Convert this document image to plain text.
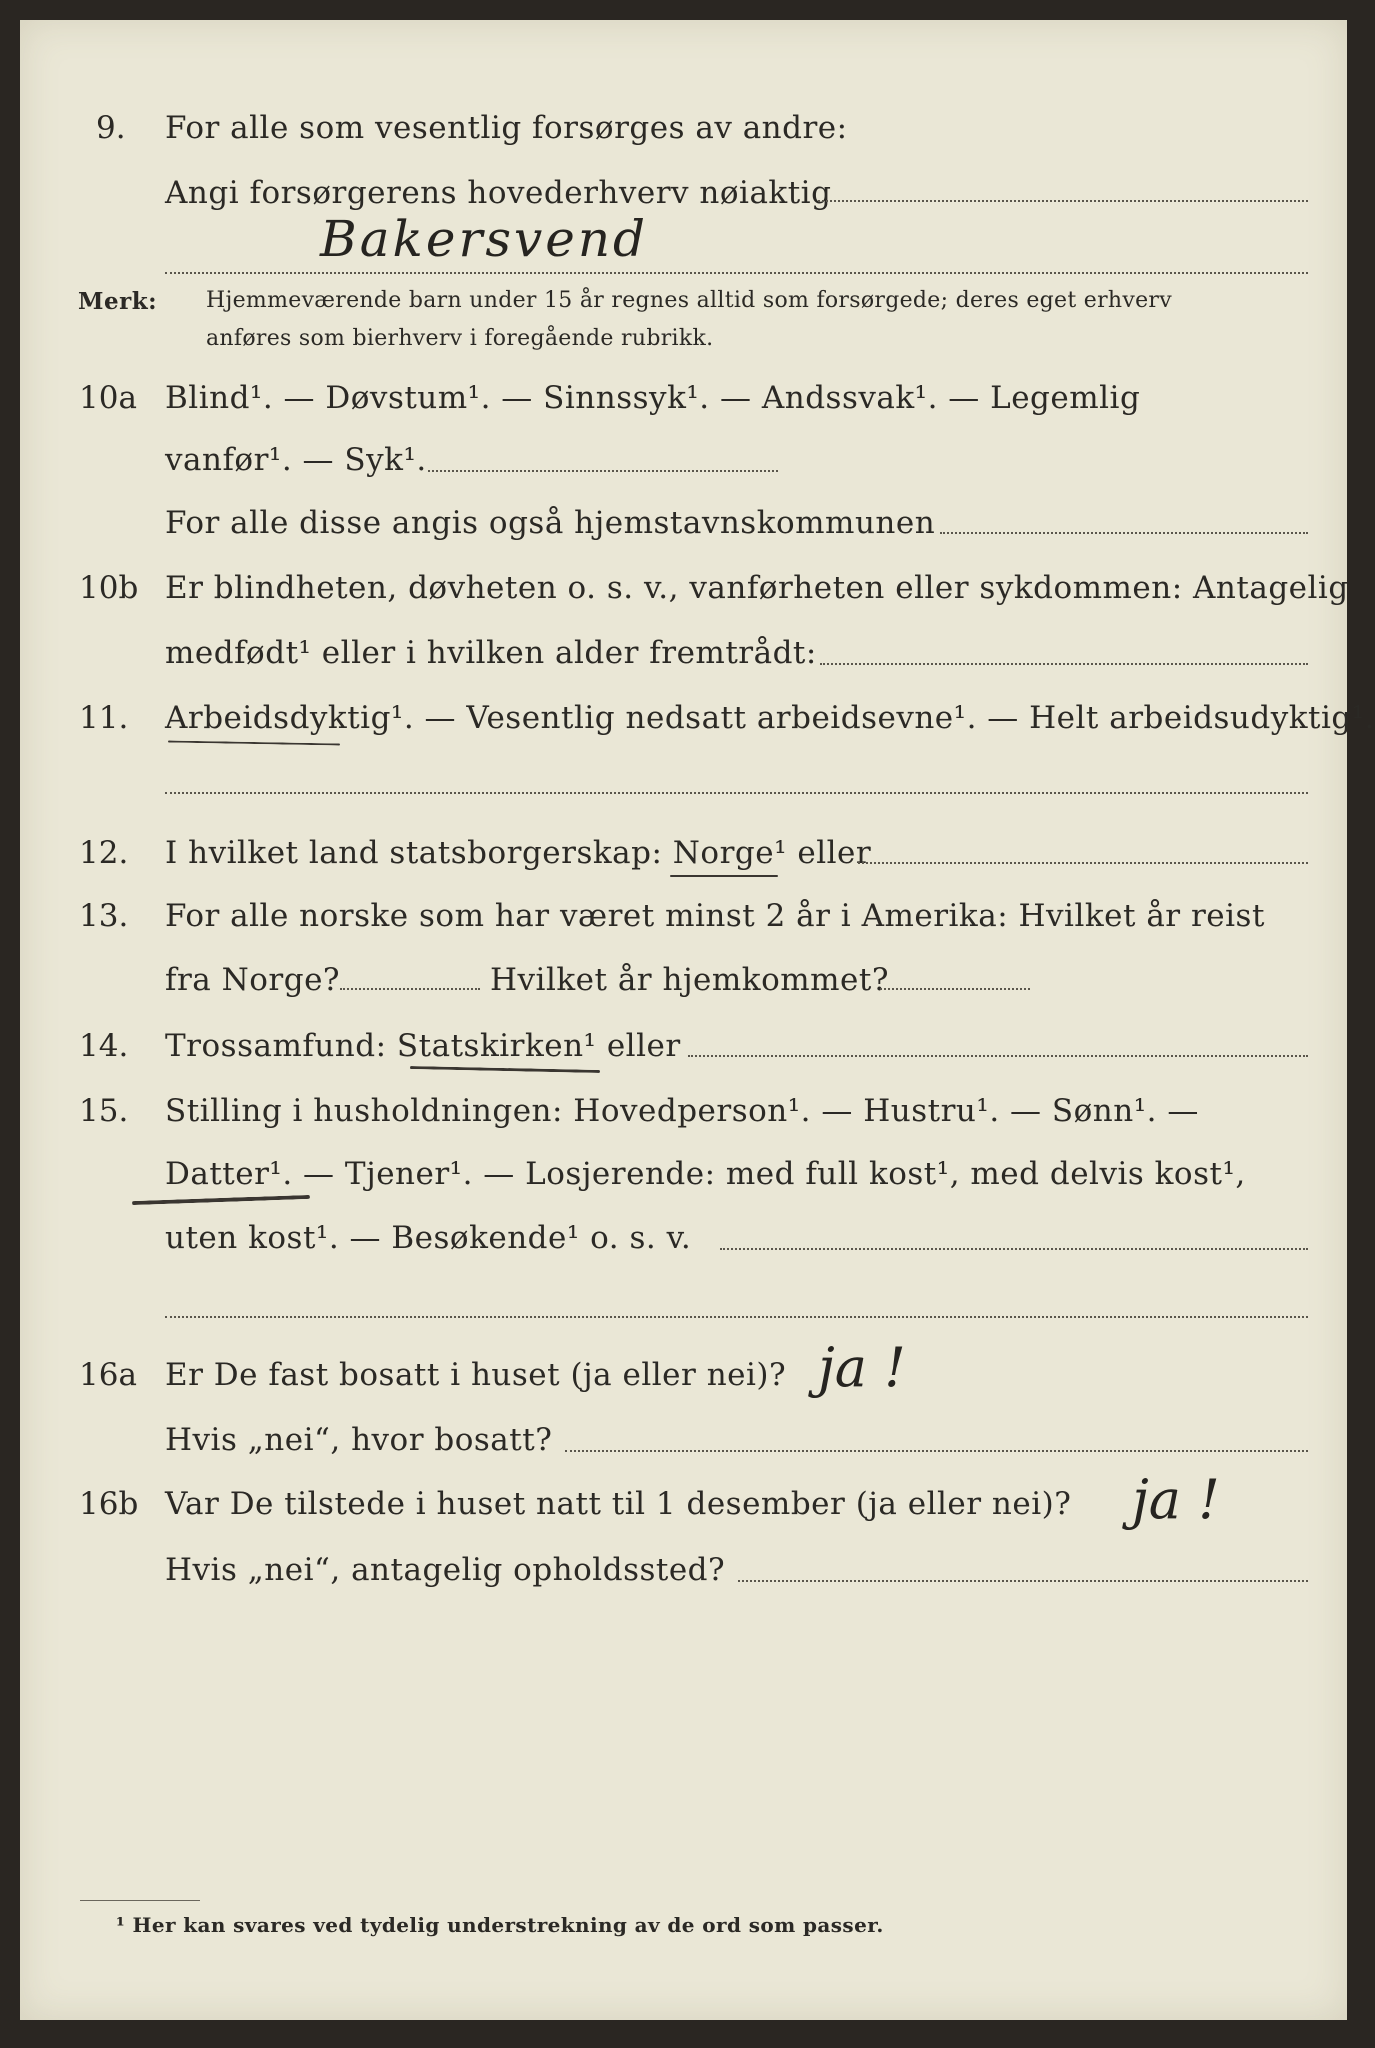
9. For alle som vesentlig forsørges av andre:
Angi forsørgerens hovederhverv nøiaktig
Bakersvend
Merk: Hjemmeværende barn under 15 år regnes alltid som forsørgede; deres eget erhverv
anføres som bierhverv i foregående rubrikk.
10a Blind¹. — Døvstum¹. — Sinnssyk¹. — Andssvak¹. — Legemlig
vanfør¹. — Syk¹.
For alle disse angis også hjemstavnskommunen
10b Er blindheten, døvheten o. s. v., vanførheten eller sykdommen: Antagelig
medfødt¹ eller i hvilken alder fremtrådt:
11. Arbeidsdyktig¹. — Vesentlig nedsatt arbeidsevne¹. — Helt arbeidsudyktig¹.
12. I hvilket land statsborgerskap: Norge¹ eller
13. For alle norske som har været minst 2 år i Amerika: Hvilket år reist
fra Norge?	Hvilket år hjemkommet?
14. Trossamfund: Statskirken¹ eller
15. Stilling i husholdningen: Hovedperson¹. — Hustru¹. — Sønn¹. —
Datter¹. — Tjener¹. — Losjerende: med full kost¹, med delvis kost¹,
uten kost¹. — Besøkende¹ o. s. v.
16a Er De fast bosatt i huset (ja eller nei)? ja !
Hvis „nei“, hvor bosatt?
16b Var De tilstede i huset natt til 1 desember (ja eller nei)? ja !
Hvis „nei“, antagelig opholdssted?
¹ Her kan svares ved tydelig understrekning av de ord som passer.
